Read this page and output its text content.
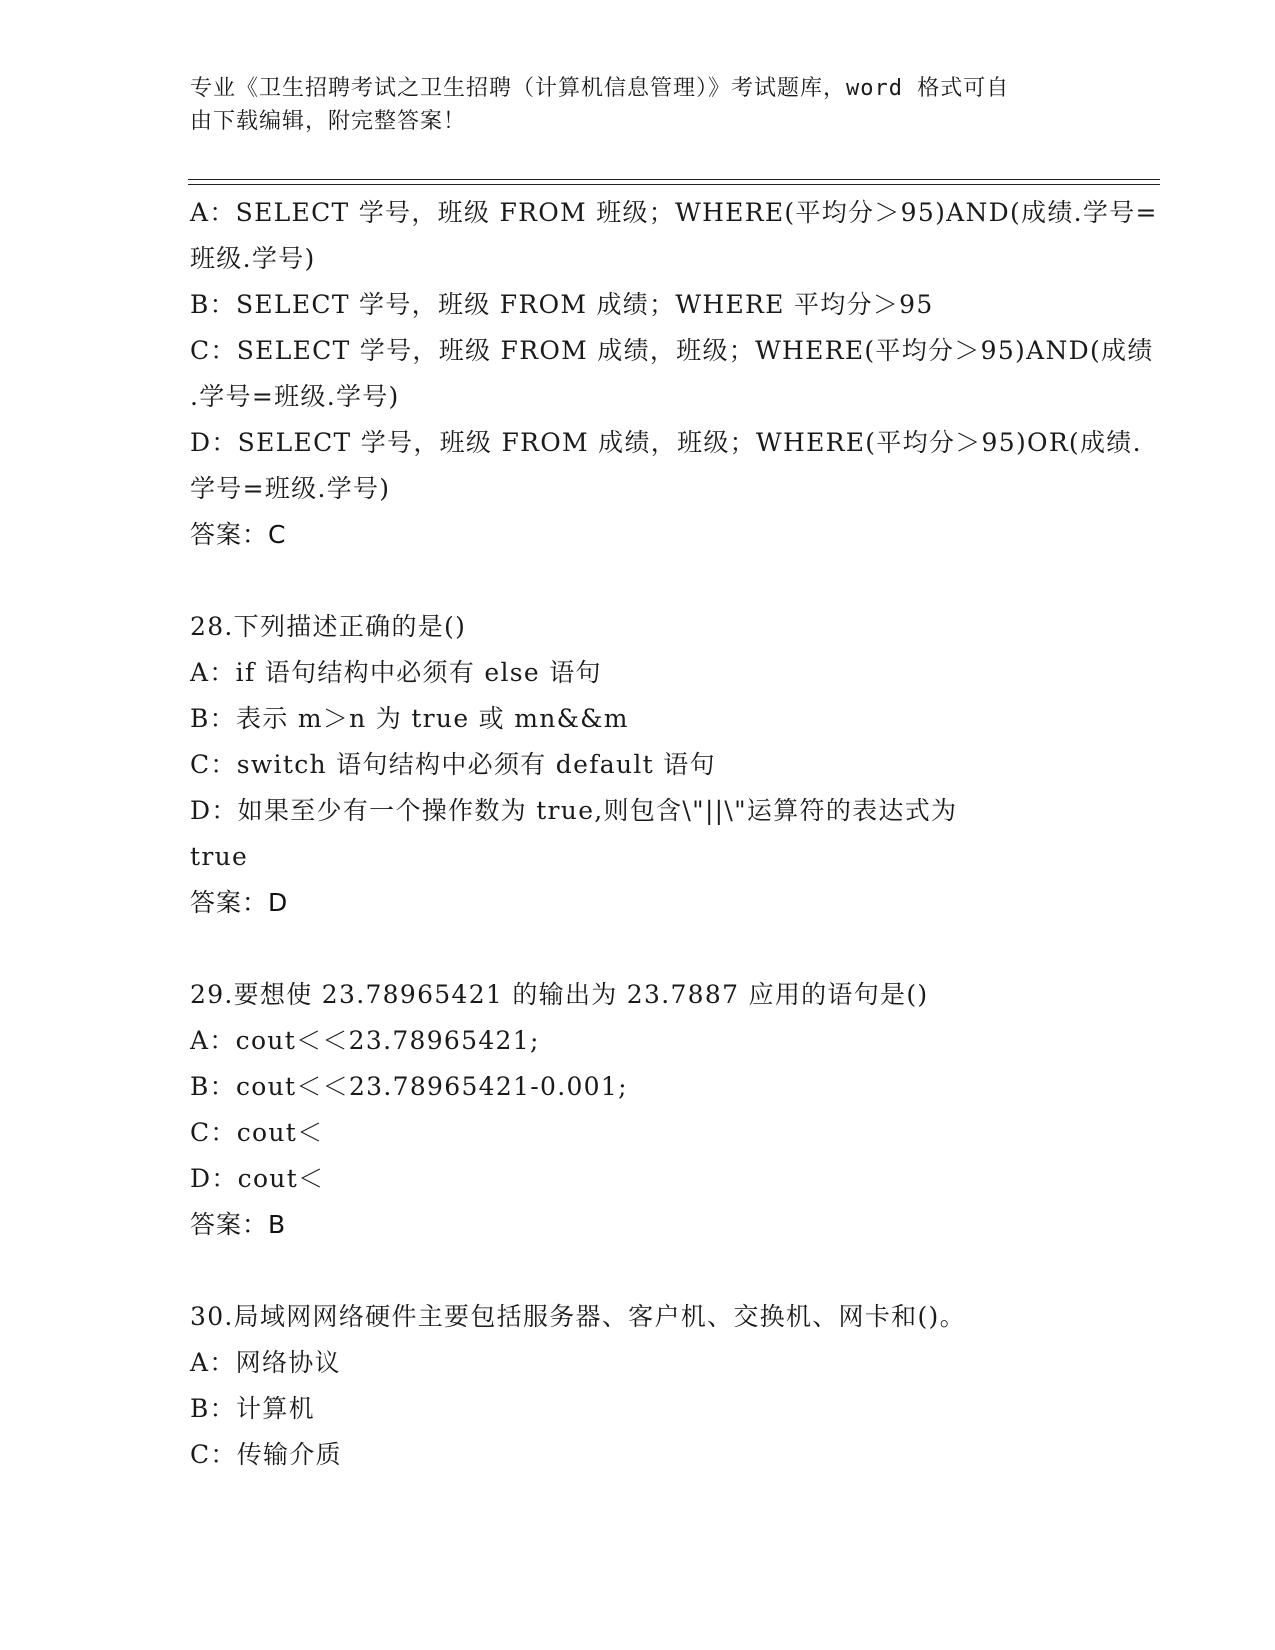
专业《卫生招聘考试之卫生招聘（计算机信息管理）》考试题库，word 格式可自
由下载编辑，附完整答案！
A：SELECT 学号，班级 FROM 班级；WHERE(平均分＞95)AND(成绩.学号=
班级.学号)
B：SELECT 学号，班级 FROM 成绩；WHERE 平均分＞95
C：SELECT 学号，班级 FROM 成绩，班级；WHERE(平均分＞95)AND(成绩
.学号=班级.学号)
D：SELECT 学号，班级 FROM 成绩，班级；WHERE(平均分＞95)OR(成绩.
学号=班级.学号)
答案：C
28.下列描述正确的是()
A：if 语句结构中必须有 else 语句
B：表示 m＞n 为 true 或 mn&&m
C：switch 语句结构中必须有 default 语句
D：如果至少有一个操作数为 true,则包含\"||\"运算符的表达式为
true
答案：D
29.要想使 23.78965421 的输出为 23.7887 应用的语句是()
A：cout＜＜23.78965421;
B：cout＜＜23.78965421-0.001;
C：cout＜
D：cout＜
答案：B
30.局域网网络硬件主要包括服务器、客户机、交换机、网卡和()。
A：网络协议
B：计算机
C：传输介质
